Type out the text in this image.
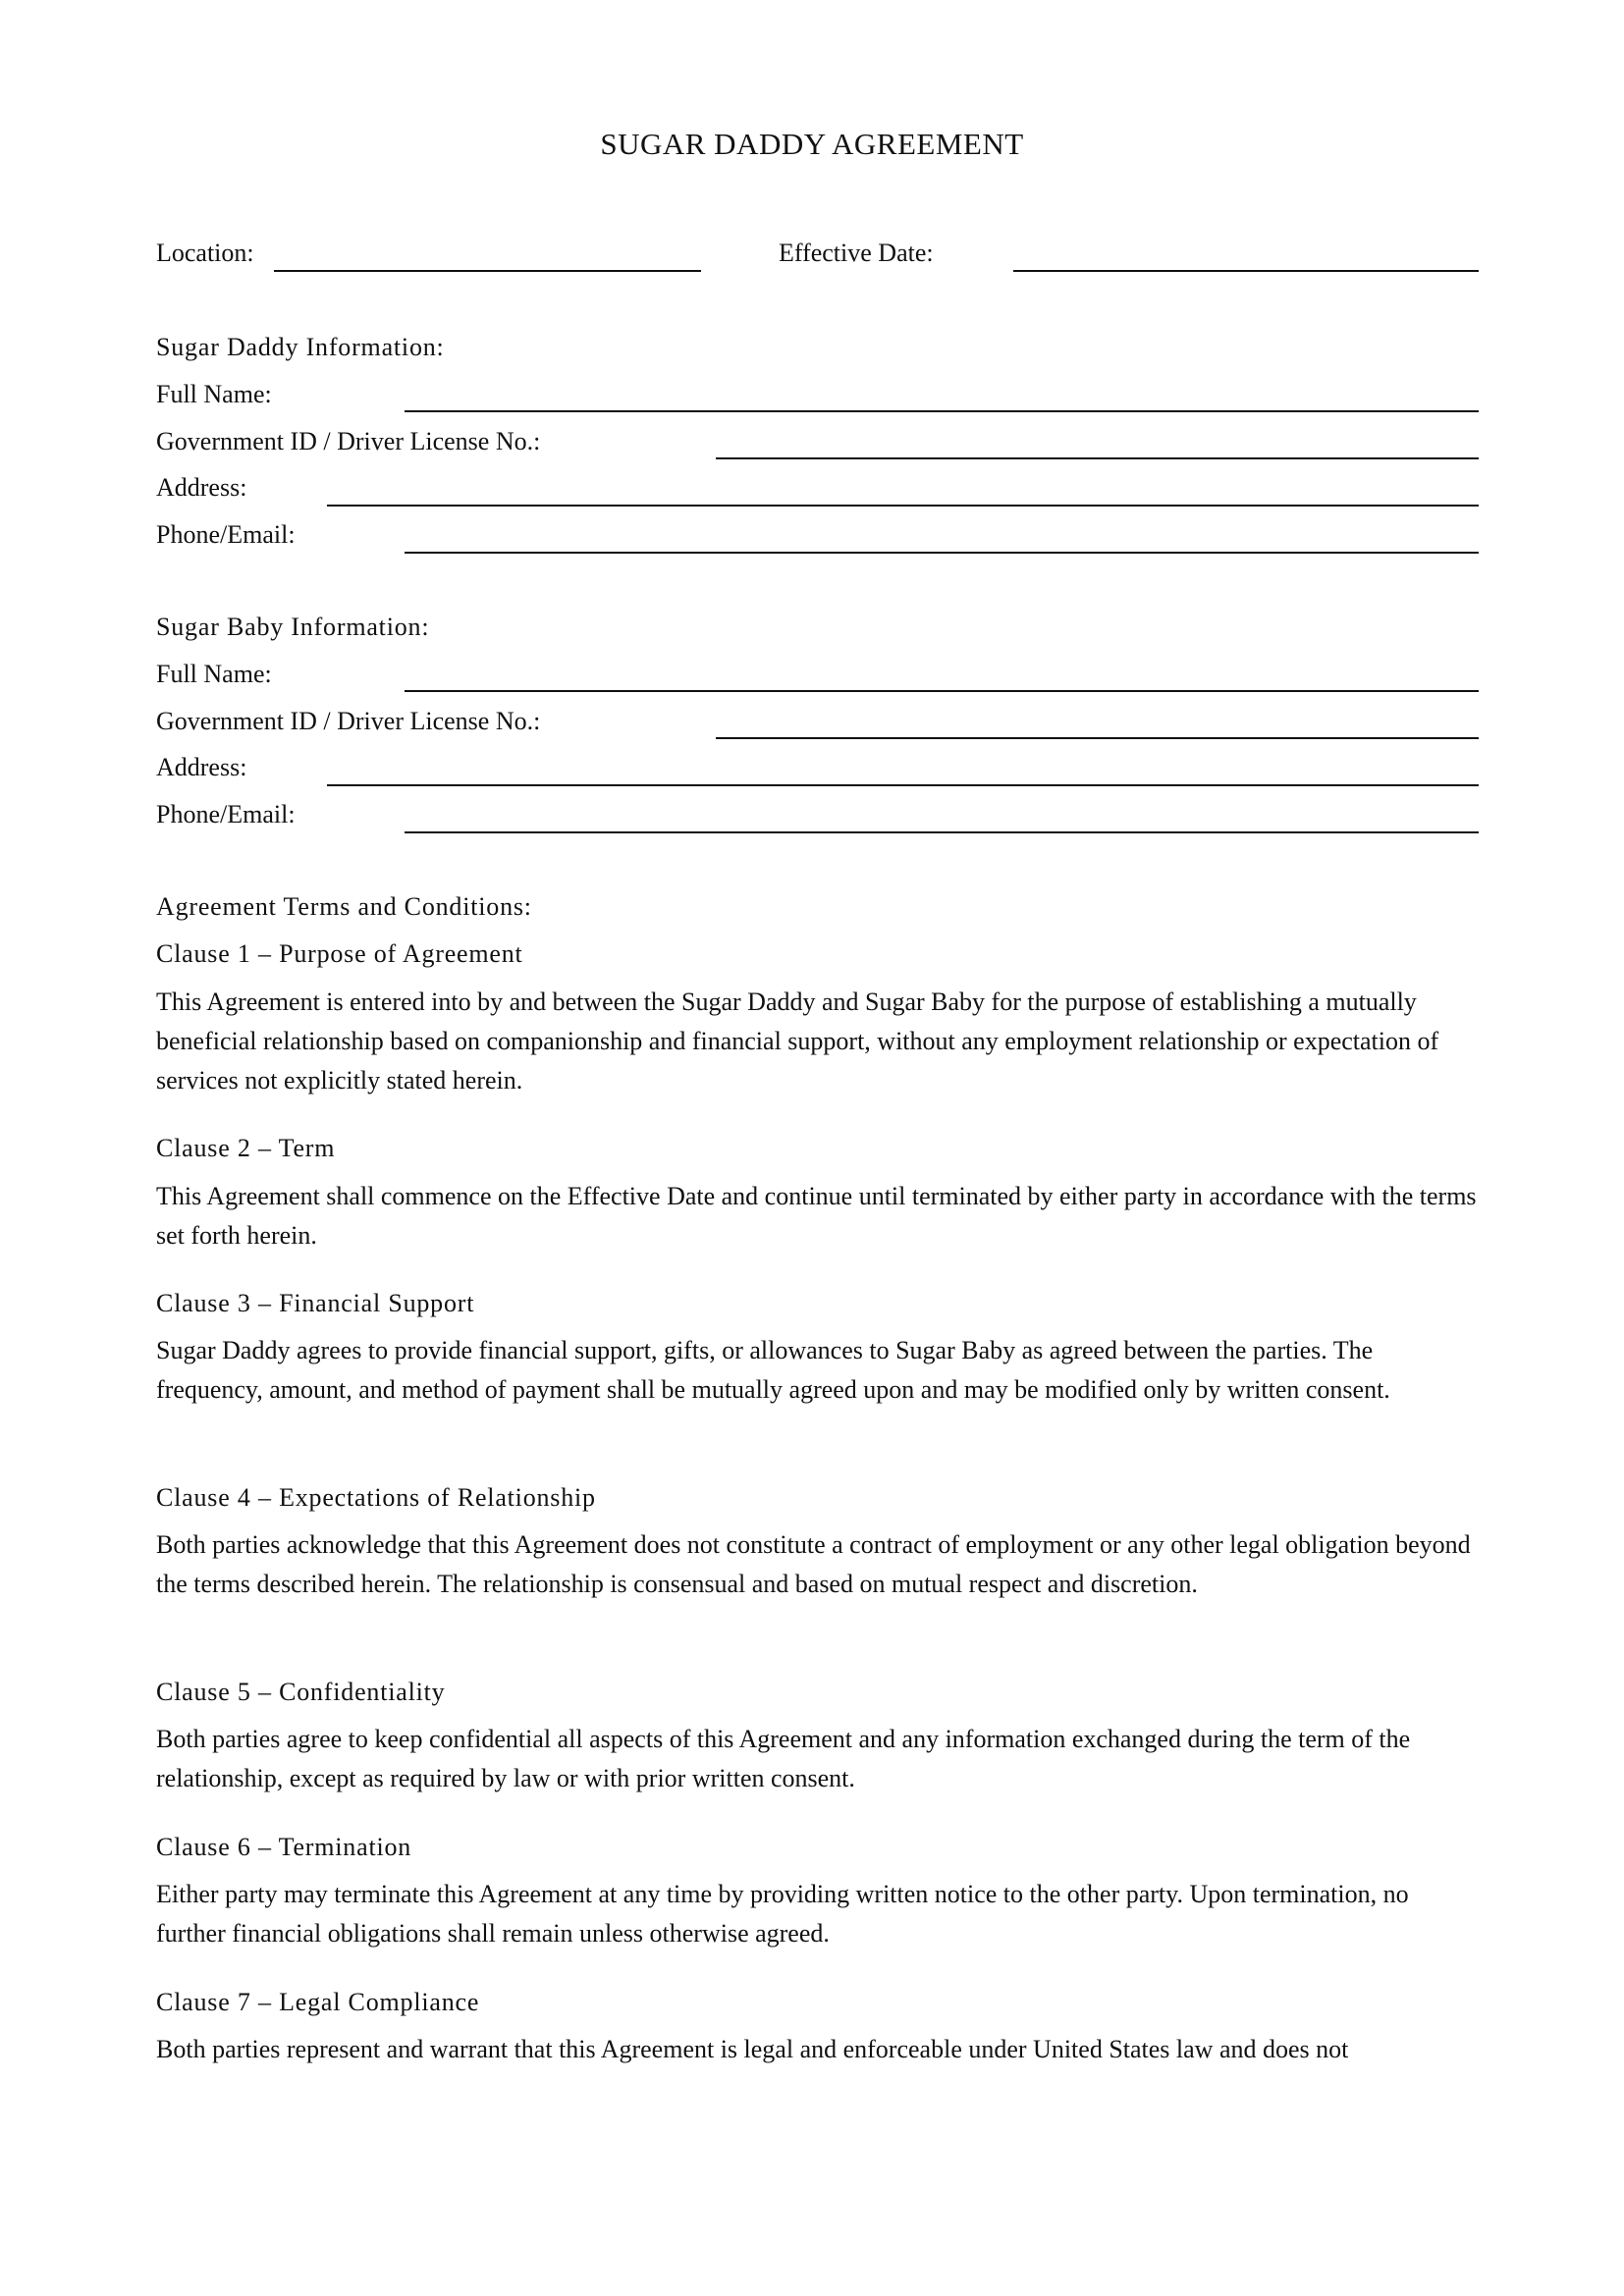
SUGAR DADDY AGREEMENT
Location:	Effective Date:
Sugar Daddy Information:
Full Name:
Government ID / Driver License No.:
Address:
Phone/Email:
Sugar Baby Information:
Full Name:
Government ID / Driver License No.:
Address:
Phone/Email:
Agreement Terms and Conditions:
Clause 1 – Purpose of Agreement
This Agreement is entered into by and between the Sugar Daddy and Sugar Baby for the purpose of establishing a mutually beneficial relationship based on companionship and financial support, without any employment relationship or expectation of services not explicitly stated herein.
Clause 2 – Term
This Agreement shall commence on the Effective Date and continue until terminated by either party in accordance with the terms set forth herein.
Clause 3 – Financial Support
Sugar Daddy agrees to provide financial support, gifts, or allowances to Sugar Baby as agreed between the parties. The frequency, amount, and method of payment shall be mutually agreed upon and may be modified only by written consent.
Clause 4 – Expectations of Relationship
Both parties acknowledge that this Agreement does not constitute a contract of employment or any other legal obligation beyond the terms described herein. The relationship is consensual and based on mutual respect and discretion.
Clause 5 – Confidentiality
Both parties agree to keep confidential all aspects of this Agreement and any information exchanged during the term of the relationship, except as required by law or with prior written consent.
Clause 6 – Termination
Either party may terminate this Agreement at any time by providing written notice to the other party. Upon termination, no further financial obligations shall remain unless otherwise agreed.
Clause 7 – Legal Compliance
Both parties represent and warrant that this Agreement is legal and enforceable under United States law and does not
